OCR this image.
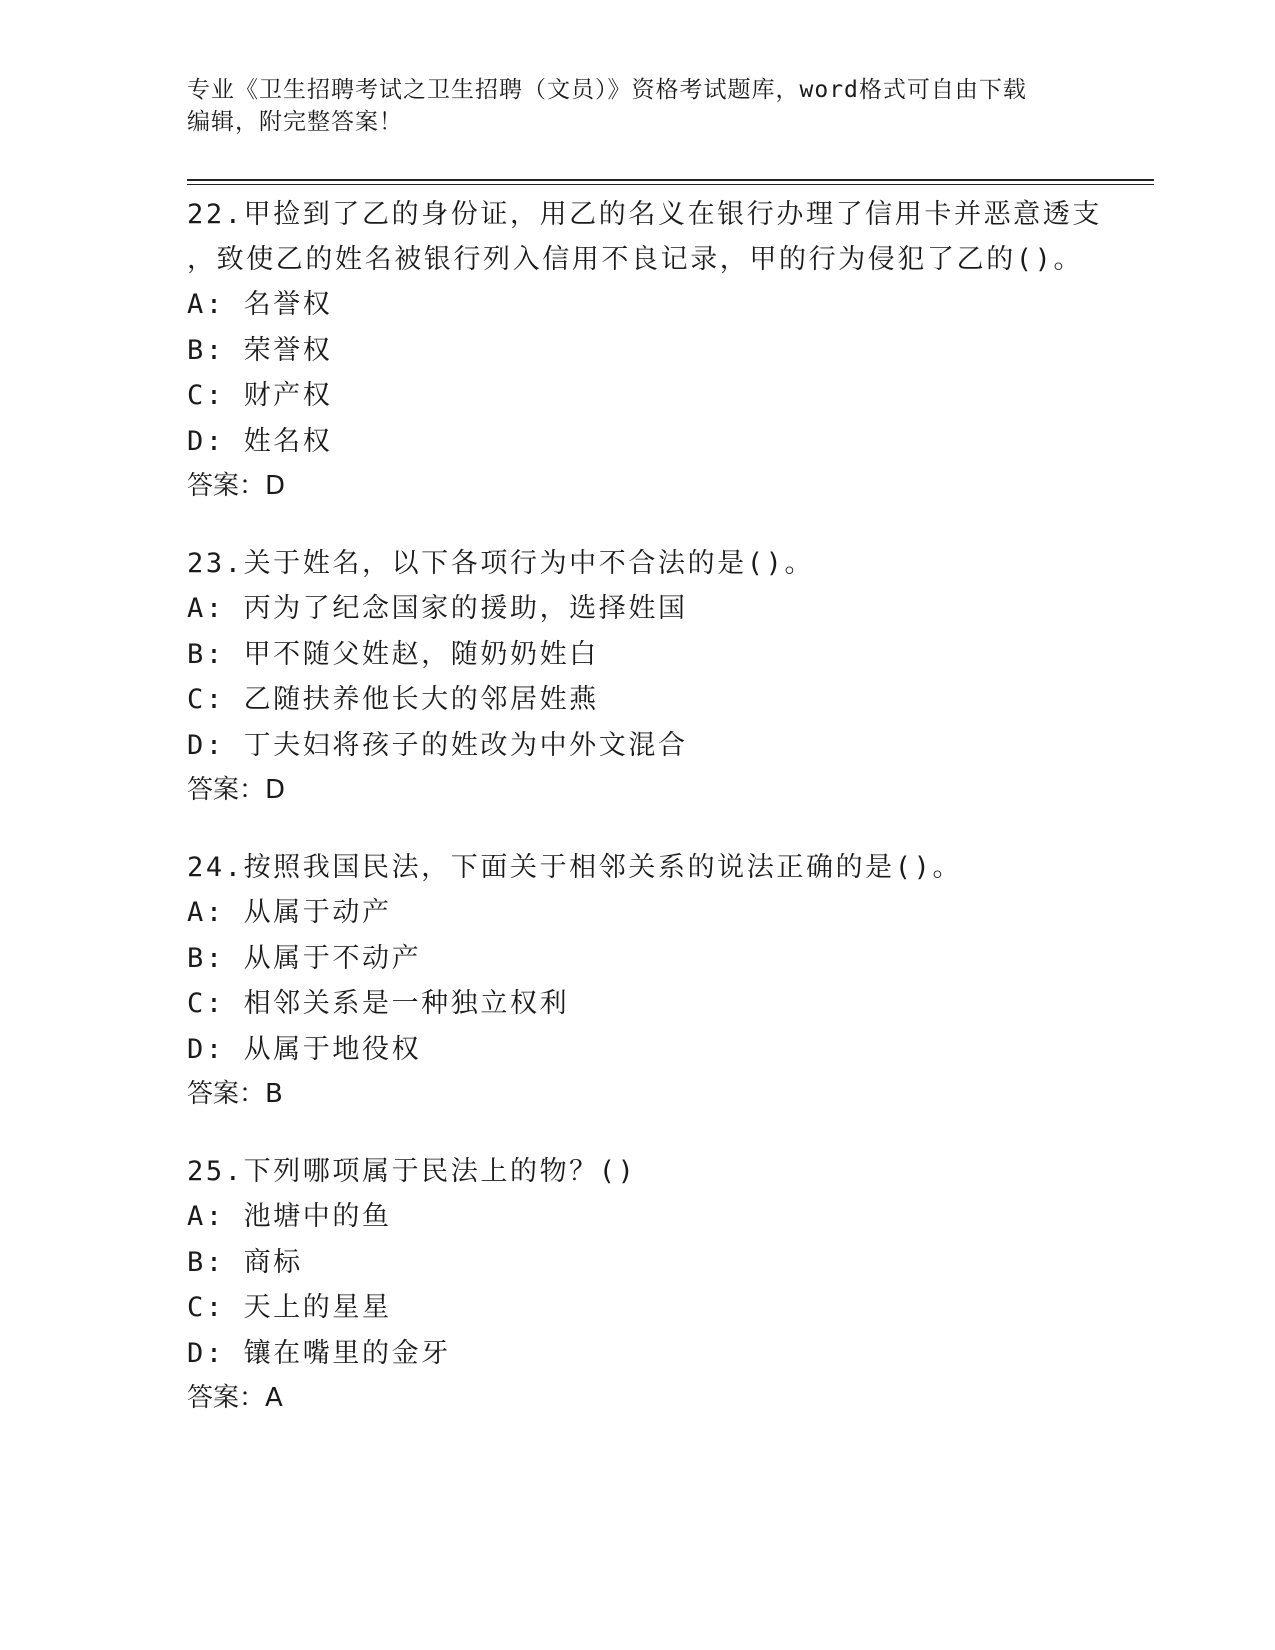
专业《卫生招聘考试之卫生招聘（文员）》资格考试题库，word格式可自由下载
编辑，附完整答案！
22.甲捡到了乙的身份证，用乙的名义在银行办理了信用卡并恶意透支
，致使乙的姓名被银行列入信用不良记录，甲的行为侵犯了乙的()。
A: 名誉权
B: 荣誉权
C: 财产权
D: 姓名权
答案：D
23.关于姓名，以下各项行为中不合法的是()。
A: 丙为了纪念国家的援助，选择姓国
B: 甲不随父姓赵，随奶奶姓白
C: 乙随扶养他长大的邻居姓燕
D: 丁夫妇将孩子的姓改为中外文混合
答案：D
24.按照我国民法，下面关于相邻关系的说法正确的是()。
A: 从属于动产
B: 从属于不动产
C: 相邻关系是一种独立权利
D: 从属于地役权
答案：B
25.下列哪项属于民法上的物？()
A: 池塘中的鱼
B: 商标
C: 天上的星星
D: 镶在嘴里的金牙
答案：A
